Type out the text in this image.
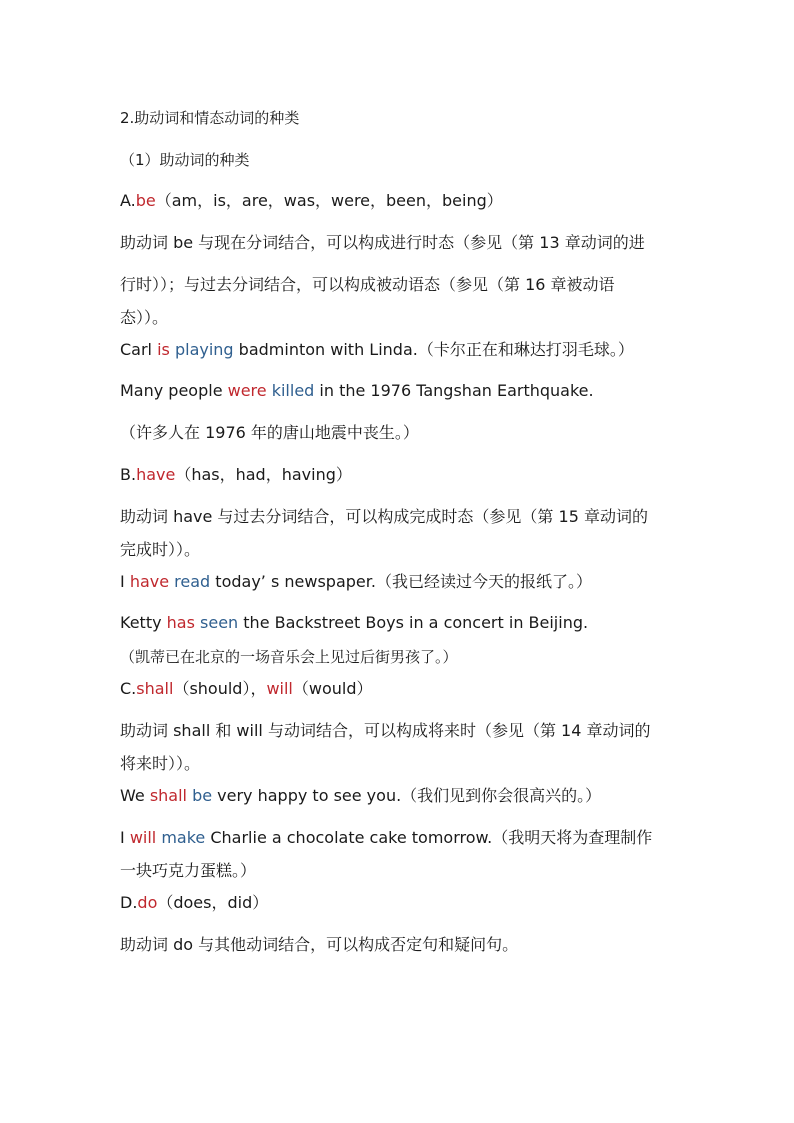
2.助动词和情态动词的种类
（1）助动词的种类
A.be（am，is，are，was，were，been，being）
助动词 be 与现在分词结合，可以构成进行时态（参见（第 13 章动词的进
行时））；与过去分词结合，可以构成被动语态（参见（第 16 章被动语
态））。
Carl is playing badminton with Linda.（卡尔正在和琳达打羽毛球。）
Many people were killed in the 1976 Tangshan Earthquake.
（许多人在 1976 年的唐山地震中丧生。）
B.have（has，had，having）
助动词 have 与过去分词结合，可以构成完成时态（参见（第 15 章动词的
完成时））。
I have read today’ s newspaper.（我已经读过今天的报纸了。）
Ketty has seen the Backstreet Boys in a concert in Beijing.
（凯蒂已在北京的一场音乐会上见过后街男孩了。）
C.shall（should），will（would）
助动词 shall 和 will 与动词结合，可以构成将来时（参见（第 14 章动词的
将来时））。
We shall be very happy to see you.（我们见到你会很高兴的。）
I will make Charlie a chocolate cake tomorrow.（我明天将为查理制作
一块巧克力蛋糕。）
D.do（does，did）
助动词 do 与其他动词结合，可以构成否定句和疑问句。
